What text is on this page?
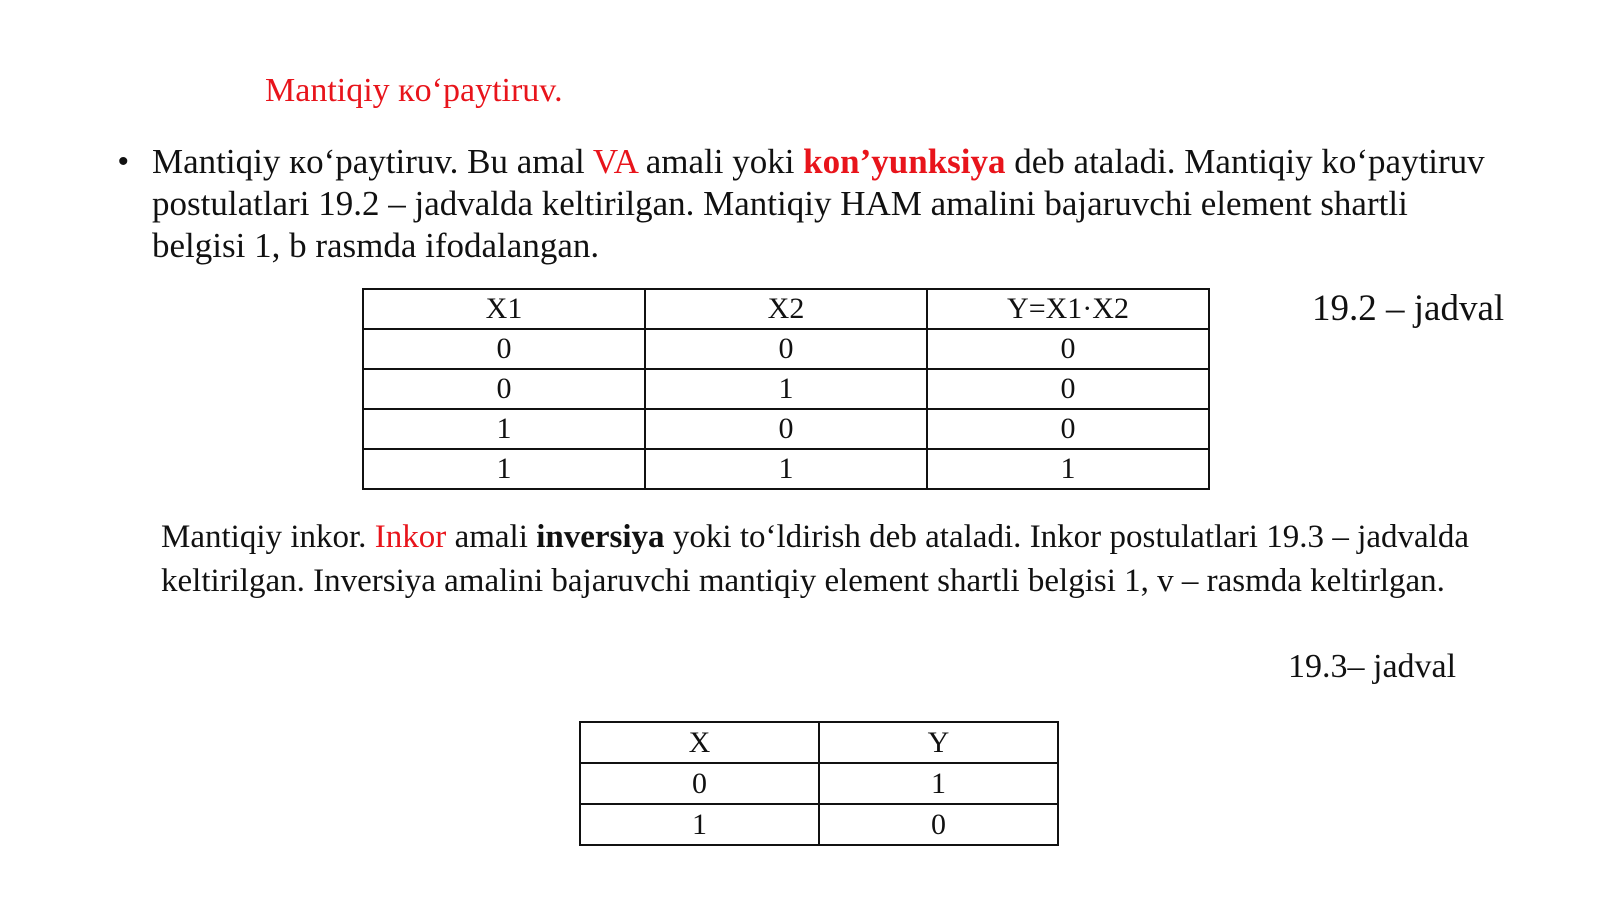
Mantiqiy кo‘paytiruv.
• Mantiqiy кo‘paytiruv. Bu amal VA amali yoki kon’yunksiya deb ataladi. Mantiqiy ko‘paytiruv postulatlari 19.2 – jadvalda keltirilgan. Mantiqiy HAM amalini bajaruvchi element shartli belgisi 1, b rasmda ifodalangan.
X1	X2	Y=X1·X2
0	0	0
0	1	0
1	0	0
1	1	1
19.2 – jadval
Mantiqiy inkor. Inkor amali inversiya yoki to‘ldirish deb ataladi. Inkor postulatlari 19.3 – jadvalda keltirilgan. Inversiya amalini bajaruvchi mantiqiy element shartli belgisi 1, v – rasmda keltirlgan.
19.3– jadval
X	Y
0	1
1	0
